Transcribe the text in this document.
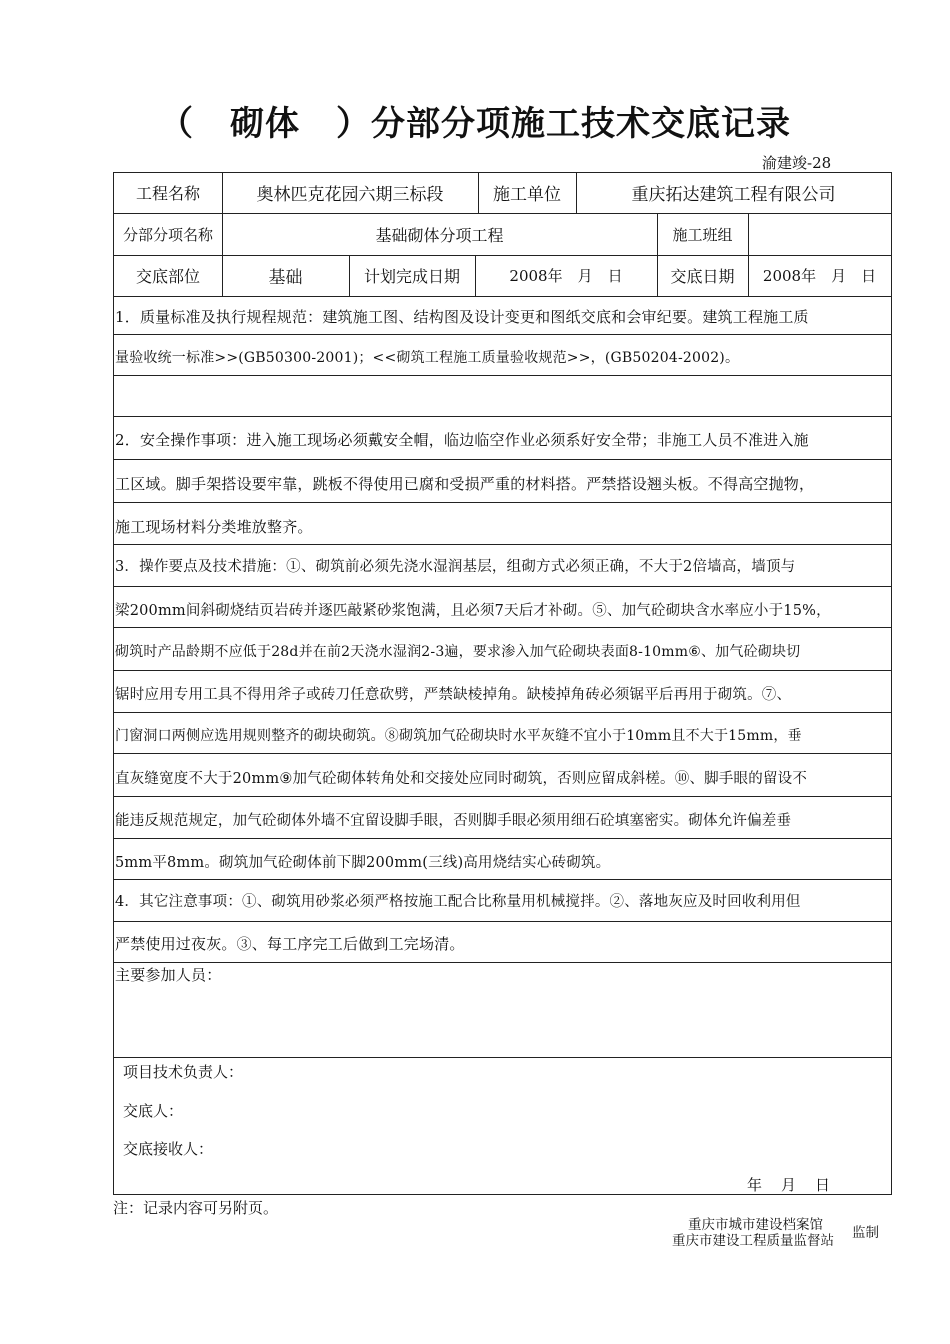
（ 砌体 ）分部分项施工技术交底记录
渝建竣-28
工程名称	奥林匹克花园六期三标段	施工单位	重庆拓达建筑工程有限公司
分部分项名称	基础砌体分项工程	施工班组
交底部位	基础	计划完成日期	2008年　月　日	交底日期	2008年　月　日
1．质量标准及执行规程规范：建筑施工图、结构图及设计变更和图纸交底和会审纪要。建筑工程施工质
量验收统一标准>>(GB50300-2001)；<<砌筑工程施工质量验收规范>>，(GB50204-2002)。
2．安全操作事项：进入施工现场必须戴安全帽，临边临空作业必须系好安全带；非施工人员不准进入施
工区域。脚手架搭设要牢靠，跳板不得使用已腐和受损严重的材料搭。严禁搭设翘头板。不得高空抛物，
施工现场材料分类堆放整齐。
3．操作要点及技术措施：①、砌筑前必须先浇水湿润基层，组砌方式必须正确，不大于2倍墙高，墙顶与
梁200mm间斜砌烧结页岩砖并逐匹敲紧砂浆饱满，且必须7天后才补砌。⑤、加气砼砌块含水率应小于15%，
砌筑时产品龄期不应低于28d并在前2天浇水湿润2-3遍，要求渗入加气砼砌块表面8-10mm⑥、加气砼砌块切
锯时应用专用工具不得用斧子或砖刀任意砍劈，严禁缺棱掉角。缺棱掉角砖必须锯平后再用于砌筑。⑦、
门窗洞口两侧应选用规则整齐的砌块砌筑。⑧砌筑加气砼砌块时水平灰缝不宜小于10mm且不大于15mm，垂
直灰缝宽度不大于20mm⑨加气砼砌体转角处和交接处应同时砌筑，否则应留成斜槎。⑩、脚手眼的留设不
能违反规范规定，加气砼砌体外墙不宜留设脚手眼，否则脚手眼必须用细石砼填塞密实。砌体允许偏差垂
5mm平8mm。砌筑加气砼砌体前下脚200mm(三线)高用烧结实心砖砌筑。
4．其它注意事项：①、砌筑用砂浆必须严格按施工配合比称量用机械搅拌。②、落地灰应及时回收利用但
严禁使用过夜灰。③、每工序完工后做到工完场清。
主要参加人员：
项目技术负责人：
交底人：
交底接收人：
年　月　日
注：记录内容可另附页。
重庆市城市建设档案馆
重庆市建设工程质量监督站 监制
